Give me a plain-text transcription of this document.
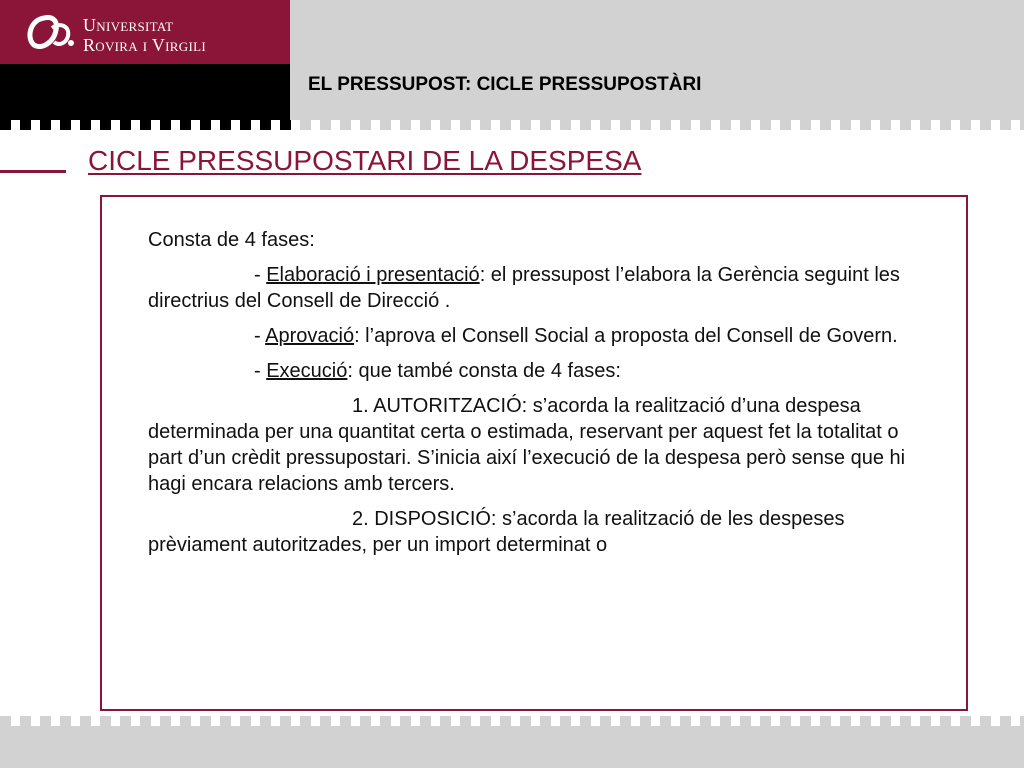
Universitat
Rovira i Virgili
EL PRESSUPOST: CICLE PRESSUPOSTÀRI
CICLE PRESSUPOSTARI DE LA DESPESA

Consta de 4 fases:

- Elaboració i presentació: el pressupost l’elabora la Gerència seguint les directrius del Consell de Direcció .

- Aprovació: l’aprova el Consell Social a proposta del Consell de Govern.

- Execució: que també consta de 4 fases:

1. AUTORITZACIÓ: s’acorda la realització d’una despesa determinada per una quantitat certa o estimada, reservant per aquest fet la totalitat o part d’un crèdit pressupostari. S’inicia així l’execució de la despesa però sense que hi hagi encara relacions amb tercers.

2. DISPOSICIÓ: s’acorda la realització de les despeses prèviament autoritzades, per un import determinat o
